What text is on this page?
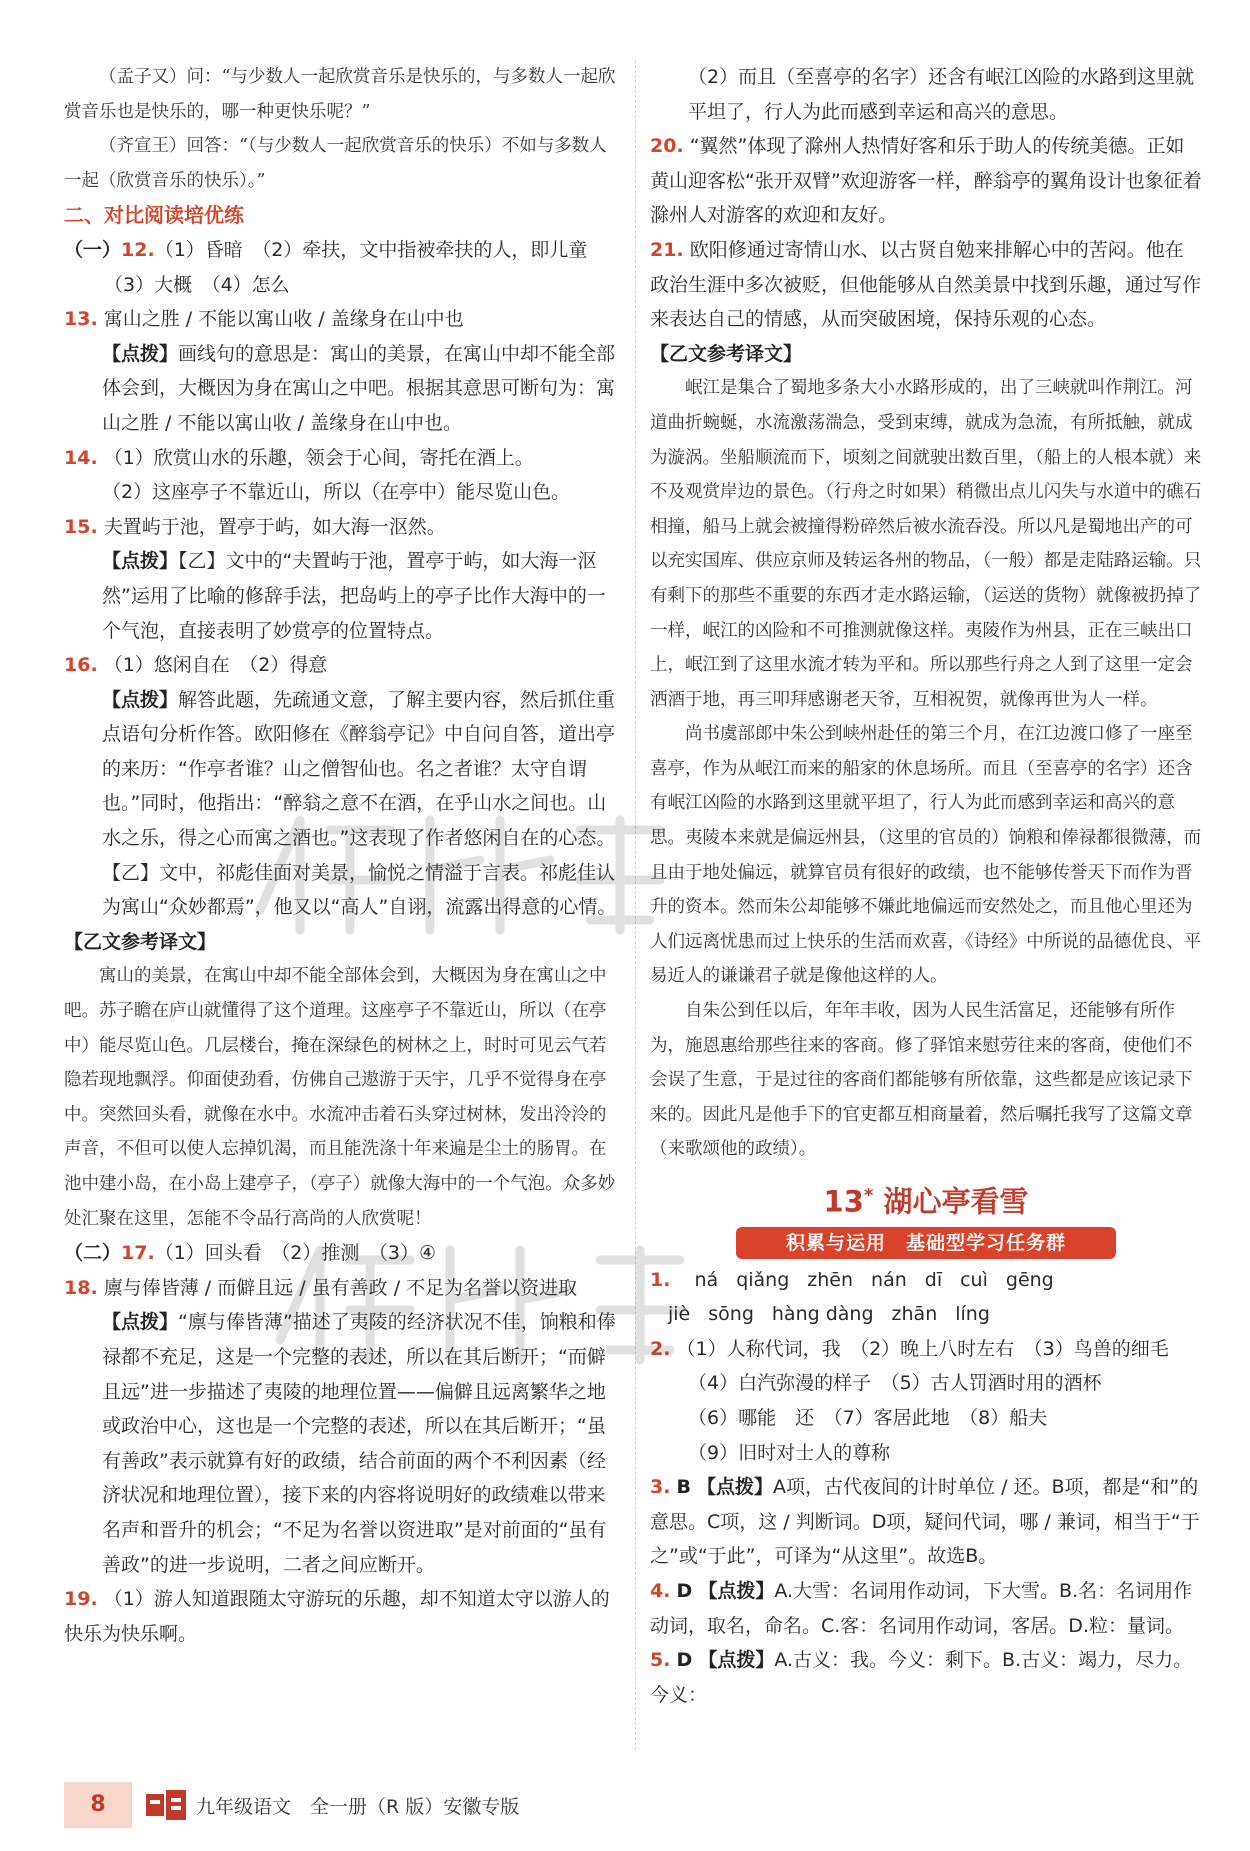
（孟子又）问：“与少数人一起欣赏音乐是快乐的，与多数人一起欣赏音乐也是快乐的，哪一种更快乐呢？”

（齐宣王）回答：“（与少数人一起欣赏音乐的快乐）不如与多数人一起（欣赏音乐的快乐）。”

二、对比阅读培优练

（一）12.（1）昏暗　（2）牵扶，文中指被牵扶的人，即儿童

（3）大概　（4）怎么

13. 寓山之胜 / 不能以寓山收 / 盖缘身在山中也

【点拨】画线句的意思是：寓山的美景，在寓山中却不能全部体会到，大概因为身在寓山之中吧。根据其意思可断句为：寓山之胜 / 不能以寓山收 / 盖缘身在山中也。

14. （1）欣赏山水的乐趣，领会于心间，寄托在酒上。

（2）这座亭子不靠近山，所以（在亭中）能尽览山色。

15. 夫置屿于池，置亭于屿，如大海一沤然。

【点拨】【乙】文中的“夫置屿于池，置亭于屿，如大海一沤然”运用了比喻的修辞手法，把岛屿上的亭子比作大海中的一个气泡，直接表明了妙赏亭的位置特点。

16. （1）悠闲自在　（2）得意

【点拨】解答此题，先疏通文意，了解主要内容，然后抓住重点语句分析作答。欧阳修在《醉翁亭记》中自问自答，道出亭的来历：“作亭者谁？山之僧智仙也。名之者谁？太守自谓也。”同时，他指出：“醉翁之意不在酒，在乎山水之间也。山水之乐，得之心而寓之酒也。”这表现了作者悠闲自在的心态。【乙】文中，祁彪佳面对美景，愉悦之情溢于言表。祁彪佳认为寓山“众妙都焉”，他又以“高人”自诩，流露出得意的心情。

【乙文参考译文】

寓山的美景，在寓山中却不能全部体会到，大概因为身在寓山之中吧。苏子瞻在庐山就懂得了这个道理。这座亭子不靠近山，所以（在亭中）能尽览山色。几层楼台，掩在深绿色的树林之上，时时可见云气若隐若现地飘浮。仰面使劲看，仿佛自己遨游于天宇，几乎不觉得身在亭中。突然回头看，就像在水中。水流冲击着石头穿过树林，发出泠泠的声音，不但可以使人忘掉饥渴，而且能洗涤十年来遍是尘土的肠胃。在池中建小岛，在小岛上建亭子，（亭子）就像大海中的一个气泡。众多妙处汇聚在这里，怎能不令品行高尚的人欣赏呢！

（二）17.（1）回头看　（2）推测　（3）④

18. 廪与俸皆薄 / 而僻且远 / 虽有善政 / 不足为名誉以资进取

【点拨】“廪与俸皆薄”描述了夷陵的经济状况不佳，饷粮和俸禄都不充足，这是一个完整的表述，所以在其后断开；“而僻且远”进一步描述了夷陵的地理位置——偏僻且远离繁华之地或政治中心，这也是一个完整的表述，所以在其后断开；“虽有善政”表示就算有好的政绩，结合前面的两个不利因素（经济状况和地理位置），接下来的内容将说明好的政绩难以带来名声和晋升的机会；“不足为名誉以资进取”是对前面的“虽有善政”的进一步说明，二者之间应断开。

19. （1）游人知道跟随太守游玩的乐趣，却不知道太守以游人的快乐为快乐啊。

（2）而且（至喜亭的名字）还含有岷江凶险的水路到这里就平坦了，行人为此而感到幸运和高兴的意思。

20. “翼然”体现了滁州人热情好客和乐于助人的传统美德。正如黄山迎客松“张开双臂”欢迎游客一样，醉翁亭的翼角设计也象征着滁州人对游客的欢迎和友好。

21. 欧阳修通过寄情山水、以古贤自勉来排解心中的苦闷。他在政治生涯中多次被贬，但他能够从自然美景中找到乐趣，通过写作来表达自己的情感，从而突破困境，保持乐观的心态。

【乙文参考译文】

岷江是集合了蜀地多条大小水路形成的，出了三峡就叫作荆江。河道曲折蜿蜒，水流激荡湍急，受到束缚，就成为急流，有所抵触，就成为漩涡。坐船顺流而下，顷刻之间就驶出数百里，（船上的人根本就）来不及观赏岸边的景色。（行舟之时如果）稍微出点儿闪失与水道中的礁石相撞，船马上就会被撞得粉碎然后被水流吞没。所以凡是蜀地出产的可以充实国库、供应京师及转运各州的物品，（一般）都是走陆路运输。只有剩下的那些不重要的东西才走水路运输，（运送的货物）就像被扔掉了一样，岷江的凶险和不可推测就像这样。夷陵作为州县，正在三峡出口上，岷江到了这里水流才转为平和。所以那些行舟之人到了这里一定会洒酒于地，再三叩拜感谢老天爷，互相祝贺，就像再世为人一样。

尚书虞部郎中朱公到峡州赴任的第三个月，在江边渡口修了一座至喜亭，作为从岷江而来的船家的休息场所。而且（至喜亭的名字）还含有岷江凶险的水路到这里就平坦了，行人为此而感到幸运和高兴的意思。夷陵本来就是偏远州县，（这里的官员的）饷粮和俸禄都很微薄，而且由于地处偏远，就算官员有很好的政绩，也不能够传誉天下而作为晋升的资本。然而朱公却能够不嫌此地偏远而安然处之，而且他心里还为人们远离忧患而过上快乐的生活而欢喜，《诗经》中所说的品德优良、平易近人的谦谦君子就是像他这样的人。

自朱公到任以后，年年丰收，因为人民生活富足，还能够有所作为，施恩惠给那些往来的客商。修了驿馆来慰劳往来的客商，使他们不会误了生意，于是过往的客商们都能够有所依靠，这些都是应该记录下来的。因此凡是他手下的官吏都互相商量着，然后嘱托我写了这篇文章（来歌颂他的政绩）。

13* 湖心亭看雪
积累与运用　基础型学习任务群

1. ná qiǎng zhēn nán dī cuì gēng

jiè sōng hàng dàng zhān líng

2. （1）人称代词，我　（2）晚上八时左右　（3）鸟兽的细毛

（4）白汽弥漫的样子　（5）古人罚酒时用的酒杯

（6）哪能　还　（7）客居此地　（8）船夫

（9）旧时对士人的尊称

3. B 【点拨】A项，古代夜间的计时单位 / 还。B项，都是“和”的意思。C项，这 / 判断词。D项，疑问代词，哪 / 兼词，相当于“于之”或“于此”，可译为“从这里”。故选B。

4. D 【点拨】A.大雪：名词用作动词，下大雪。B.名：名词用作动词，取名，命名。C.客：名词用作动词，客居。D.粒：量词。

5. D 【点拨】A.古义：我。今义：剩下。B.古义：竭力，尽力。今义：

8	九年级语文　全一册（R 版）安徽专版
